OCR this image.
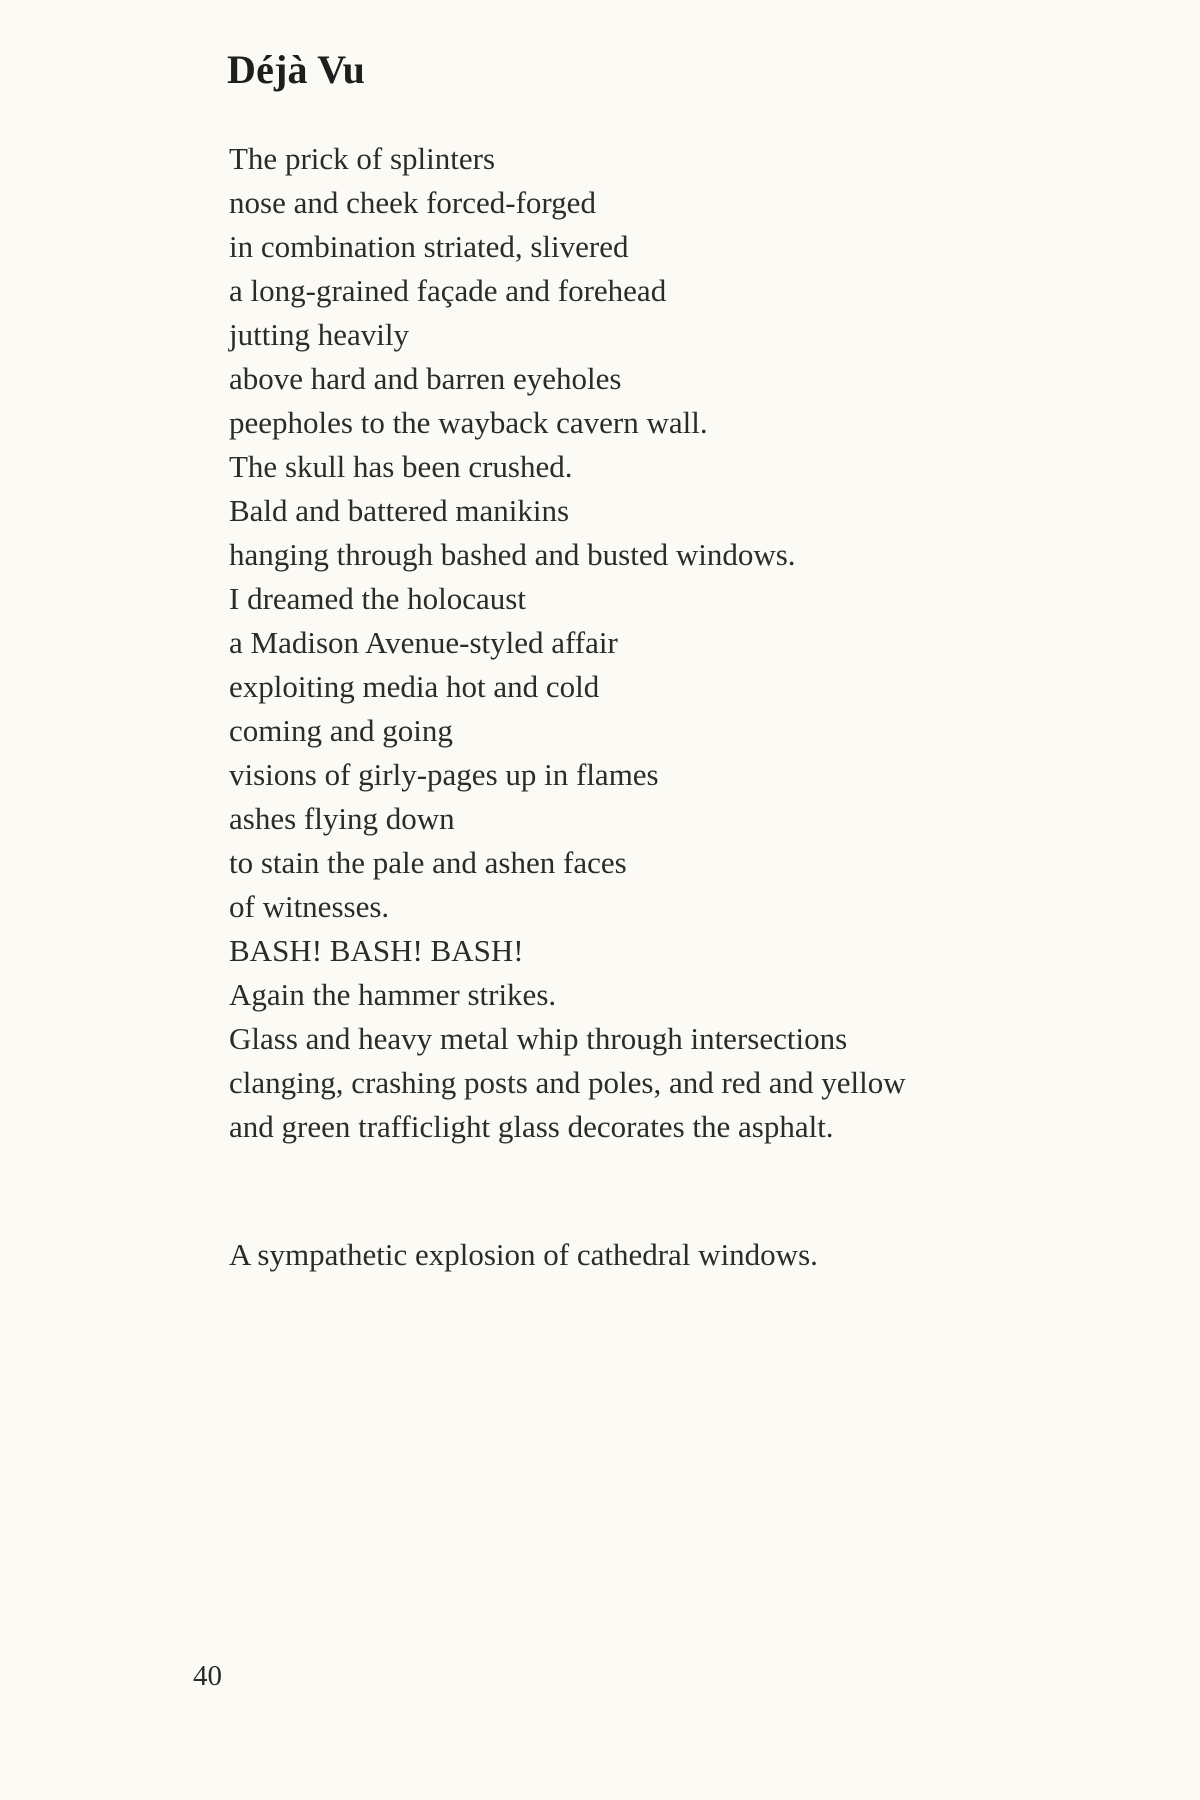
Déjà Vu
The prick of splinters
nose and cheek forced-forged
in combination striated, slivered
a long-grained façade and forehead
jutting heavily
above hard and barren eyeholes
peepholes to the wayback cavern wall.
The skull has been crushed.
Bald and battered manikins
hanging through bashed and busted windows.
I dreamed the holocaust
a Madison Avenue-styled affair
exploiting media hot and cold
coming and going
visions of girly-pages up in flames
ashes flying down
to stain the pale and ashen faces
of witnesses.
BASH! BASH! BASH!
Again the hammer strikes.
Glass and heavy metal whip through intersections
clanging, crashing posts and poles, and red and yellow
and green trafficlight glass decorates the asphalt.
A sympathetic explosion of cathedral windows.
40
